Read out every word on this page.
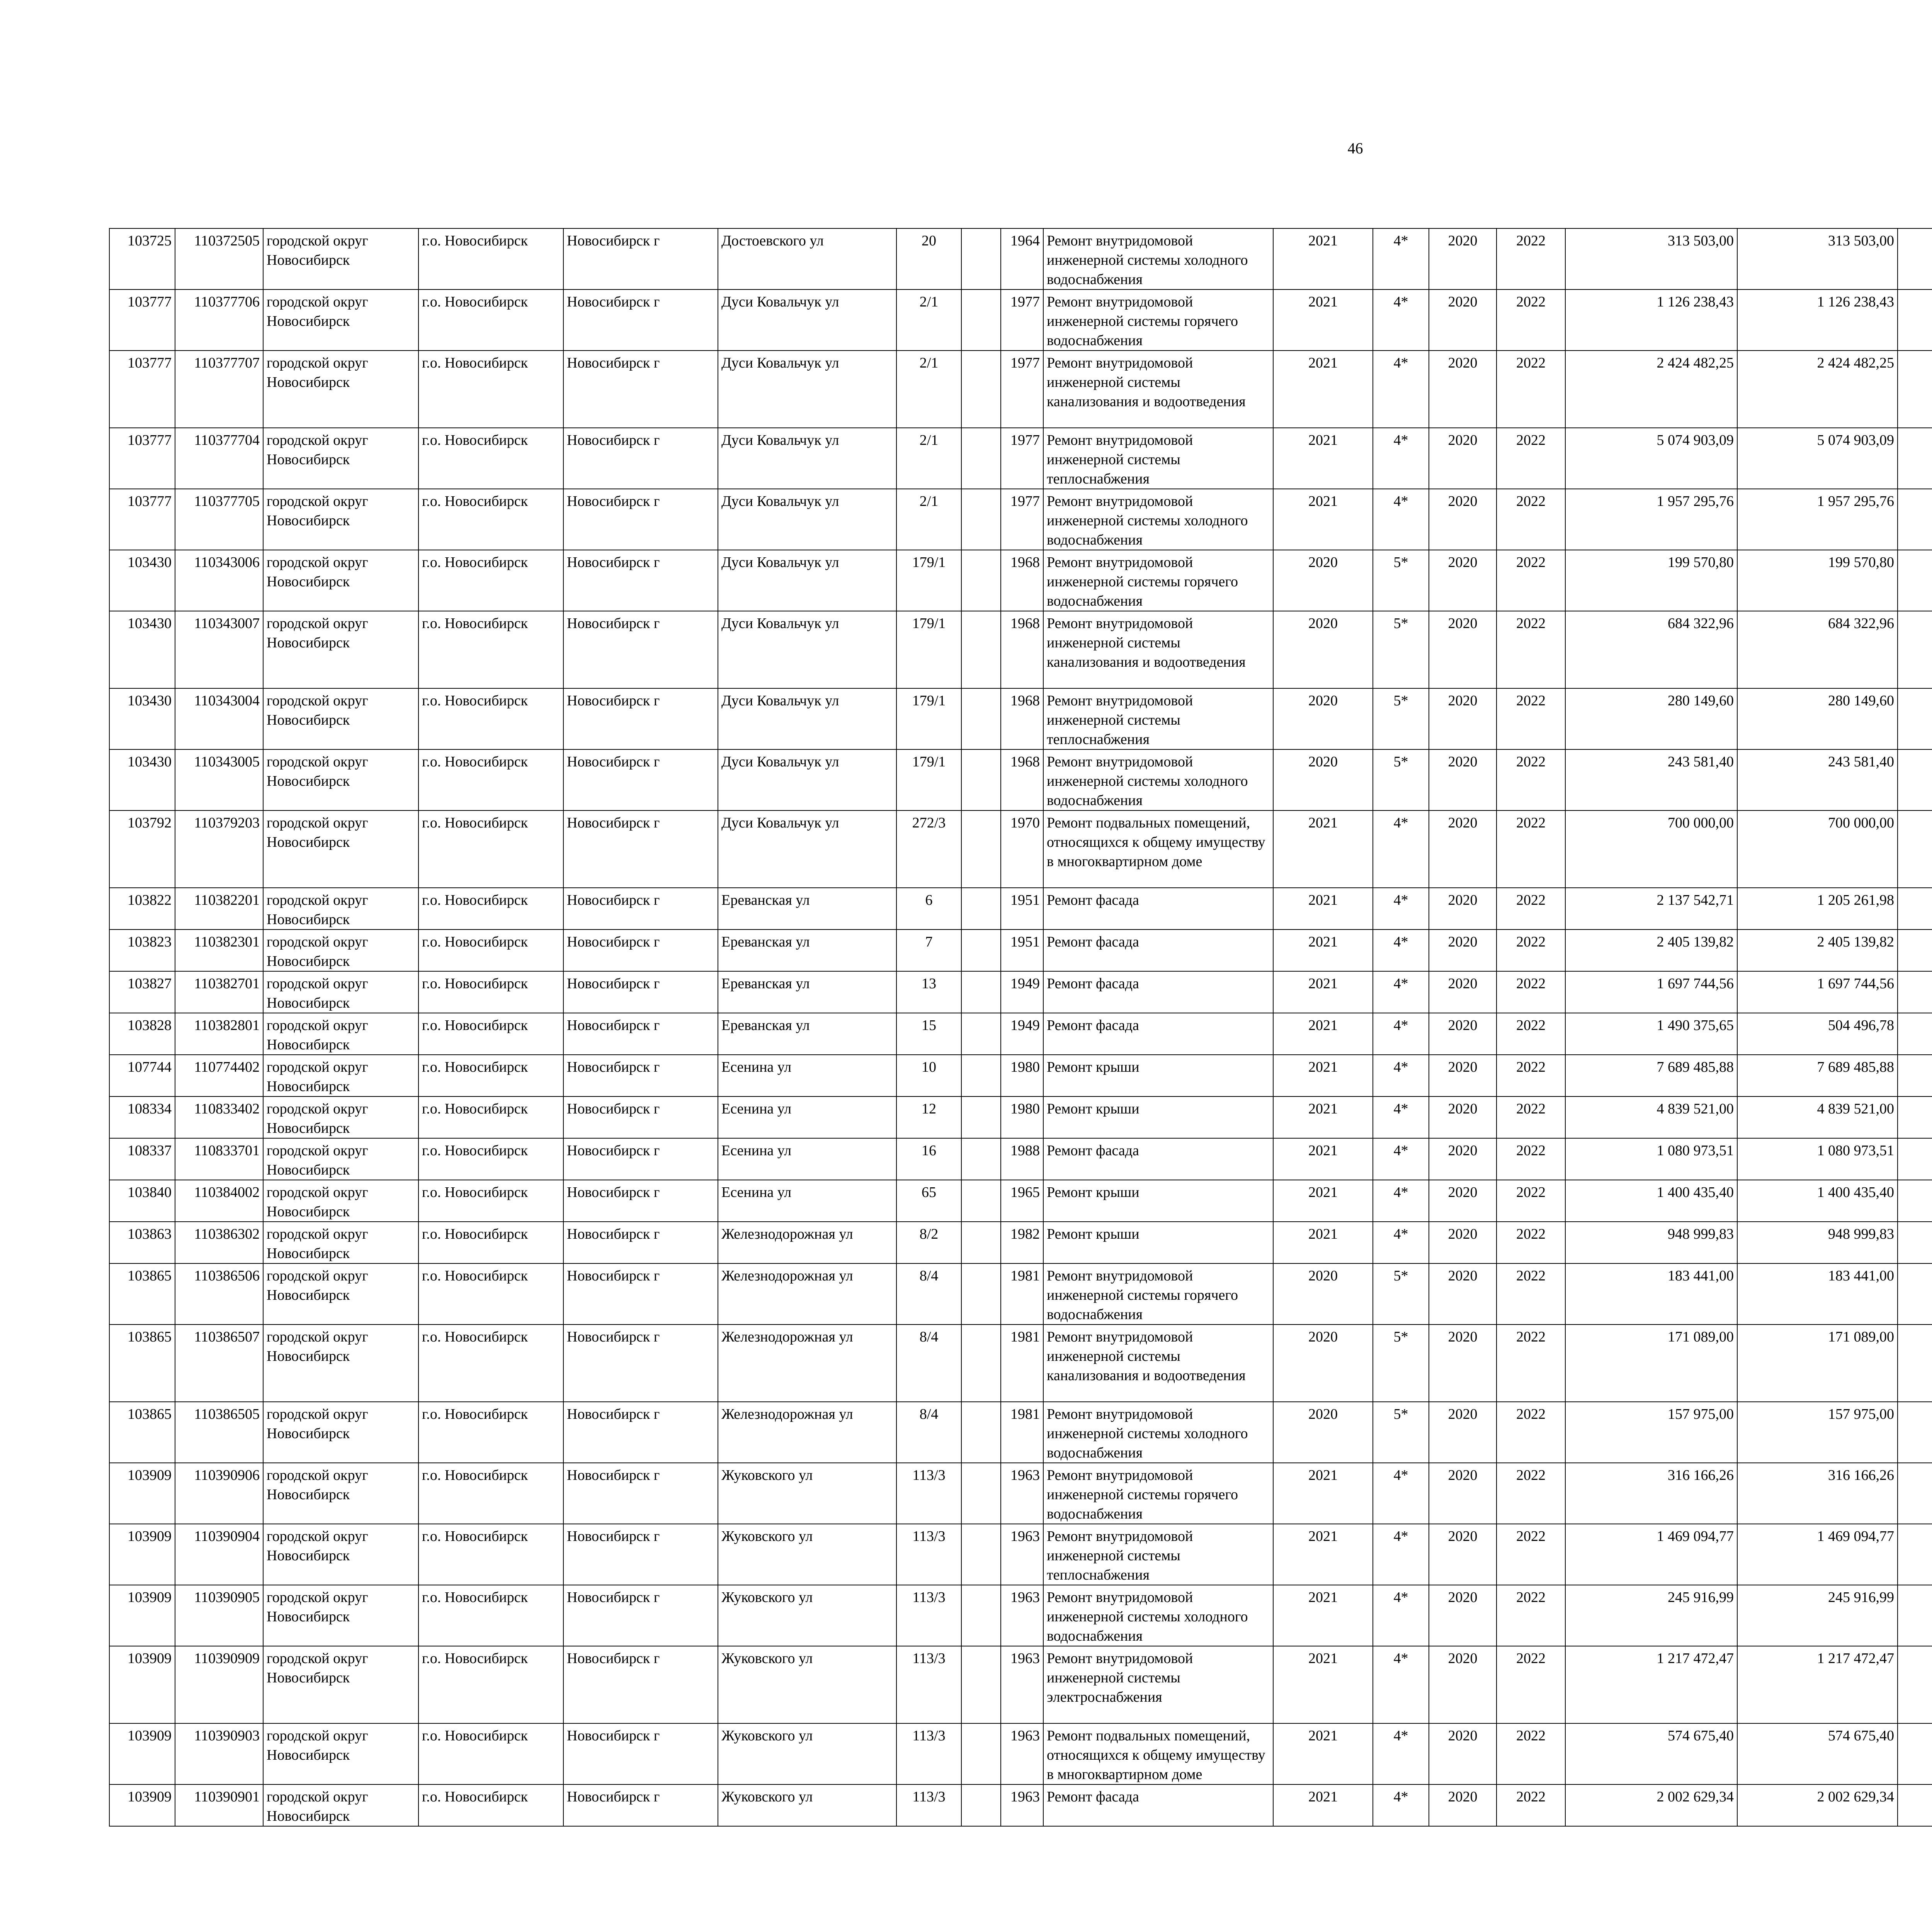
46
103725	110372505	городской округ Новосибирск	г.о. Новосибирск	Новосибирск г	Достоевского ул	20		1964	Ремонт внутридомовой инженерной системы холодного водоснабжения	2021	4*	2020	2022	313 503,00	313 503,00						
103777	110377706	городской округ Новосибирск	г.о. Новосибирск	Новосибирск г	Дуси Ковальчук ул	2/1		1977	Ремонт внутридомовой инженерной системы горячего водоснабжения	2021	4*	2020	2022	1 126 238,43	1 126 238,43						
103777	110377707	городской округ Новосибирск	г.о. Новосибирск	Новосибирск г	Дуси Ковальчук ул	2/1		1977	Ремонт внутридомовой инженерной системы канализования и водоотведения	2021	4*	2020	2022	2 424 482,25	2 424 482,25						
103777	110377704	городской округ Новосибирск	г.о. Новосибирск	Новосибирск г	Дуси Ковальчук ул	2/1		1977	Ремонт внутридомовой инженерной системы теплоснабжения	2021	4*	2020	2022	5 074 903,09	5 074 903,09						
103777	110377705	городской округ Новосибирск	г.о. Новосибирск	Новосибирск г	Дуси Ковальчук ул	2/1		1977	Ремонт внутридомовой инженерной системы холодного водоснабжения	2021	4*	2020	2022	1 957 295,76	1 957 295,76						
103430	110343006	городской округ Новосибирск	г.о. Новосибирск	Новосибирск г	Дуси Ковальчук ул	179/1		1968	Ремонт внутридомовой инженерной системы горячего водоснабжения	2020	5*	2020	2022	199 570,80	199 570,80						
103430	110343007	городской округ Новосибирск	г.о. Новосибирск	Новосибирск г	Дуси Ковальчук ул	179/1		1968	Ремонт внутридомовой инженерной системы канализования и водоотведения	2020	5*	2020	2022	684 322,96	684 322,96						
103430	110343004	городской округ Новосибирск	г.о. Новосибирск	Новосибирск г	Дуси Ковальчук ул	179/1		1968	Ремонт внутридомовой инженерной системы теплоснабжения	2020	5*	2020	2022	280 149,60	280 149,60						
103430	110343005	городской округ Новосибирск	г.о. Новосибирск	Новосибирск г	Дуси Ковальчук ул	179/1		1968	Ремонт внутридомовой инженерной системы холодного водоснабжения	2020	5*	2020	2022	243 581,40	243 581,40						
103792	110379203	городской округ Новосибирск	г.о. Новосибирск	Новосибирск г	Дуси Ковальчук ул	272/3		1970	Ремонт подвальных помещений, относящихся к общему имуществу в многоквартирном доме	2021	4*	2020	2022	700 000,00	700 000,00						
103822	110382201	городской округ Новосибирск	г.о. Новосибирск	Новосибирск г	Ереванская ул	6		1951	Ремонт фасада	2021	4*	2020	2022	2 137 542,71	1 205 261,98						
103823	110382301	городской округ Новосибирск	г.о. Новосибирск	Новосибирск г	Ереванская ул	7		1951	Ремонт фасада	2021	4*	2020	2022	2 405 139,82	2 405 139,82						
103827	110382701	городской округ Новосибирск	г.о. Новосибирск	Новосибирск г	Ереванская ул	13		1949	Ремонт фасада	2021	4*	2020	2022	1 697 744,56	1 697 744,56						
103828	110382801	городской округ Новосибирск	г.о. Новосибирск	Новосибирск г	Ереванская ул	15		1949	Ремонт фасада	2021	4*	2020	2022	1 490 375,65	504 496,78						
107744	110774402	городской округ Новосибирск	г.о. Новосибирск	Новосибирск г	Есенина ул	10		1980	Ремонт крыши	2021	4*	2020	2022	7 689 485,88	7 689 485,88						
108334	110833402	городской округ Новосибирск	г.о. Новосибирск	Новосибирск г	Есенина ул	12		1980	Ремонт крыши	2021	4*	2020	2022	4 839 521,00	4 839 521,00						
108337	110833701	городской округ Новосибирск	г.о. Новосибирск	Новосибирск г	Есенина ул	16		1988	Ремонт фасада	2021	4*	2020	2022	1 080 973,51	1 080 973,51						
103840	110384002	городской округ Новосибирск	г.о. Новосибирск	Новосибирск г	Есенина ул	65		1965	Ремонт крыши	2021	4*	2020	2022	1 400 435,40	1 400 435,40						
103863	110386302	городской округ Новосибирск	г.о. Новосибирск	Новосибирск г	Железнодорожная ул	8/2		1982	Ремонт крыши	2021	4*	2020	2022	948 999,83	948 999,83						
103865	110386506	городской округ Новосибирск	г.о. Новосибирск	Новосибирск г	Железнодорожная ул	8/4		1981	Ремонт внутридомовой инженерной системы горячего водоснабжения	2020	5*	2020	2022	183 441,00	183 441,00						
103865	110386507	городской округ Новосибирск	г.о. Новосибирск	Новосибирск г	Железнодорожная ул	8/4		1981	Ремонт внутридомовой инженерной системы канализования и водоотведения	2020	5*	2020	2022	171 089,00	171 089,00						
103865	110386505	городской округ Новосибирск	г.о. Новосибирск	Новосибирск г	Железнодорожная ул	8/4		1981	Ремонт внутридомовой инженерной системы холодного водоснабжения	2020	5*	2020	2022	157 975,00	157 975,00						
103909	110390906	городской округ Новосибирск	г.о. Новосибирск	Новосибирск г	Жуковского ул	113/3		1963	Ремонт внутридомовой инженерной системы горячего водоснабжения	2021	4*	2020	2022	316 166,26	316 166,26						
103909	110390904	городской округ Новосибирск	г.о. Новосибирск	Новосибирск г	Жуковского ул	113/3		1963	Ремонт внутридомовой инженерной системы теплоснабжения	2021	4*	2020	2022	1 469 094,77	1 469 094,77						
103909	110390905	городской округ Новосибирск	г.о. Новосибирск	Новосибирск г	Жуковского ул	113/3		1963	Ремонт внутридомовой инженерной системы холодного водоснабжения	2021	4*	2020	2022	245 916,99	245 916,99						
103909	110390909	городской округ Новосибирск	г.о. Новосибирск	Новосибирск г	Жуковского ул	113/3		1963	Ремонт внутридомовой инженерной системы электроснабжения	2021	4*	2020	2022	1 217 472,47	1 217 472,47						
103909	110390903	городской округ Новосибирск	г.о. Новосибирск	Новосибирск г	Жуковского ул	113/3		1963	Ремонт подвальных помещений, относящихся к общему имуществу в многоквартирном доме	2021	4*	2020	2022	574 675,40	574 675,40						
103909	110390901	городской округ Новосибирск	г.о. Новосибирск	Новосибирск г	Жуковского ул	113/3		1963	Ремонт фасада	2021	4*	2020	2022	2 002 629,34	2 002 629,34						
